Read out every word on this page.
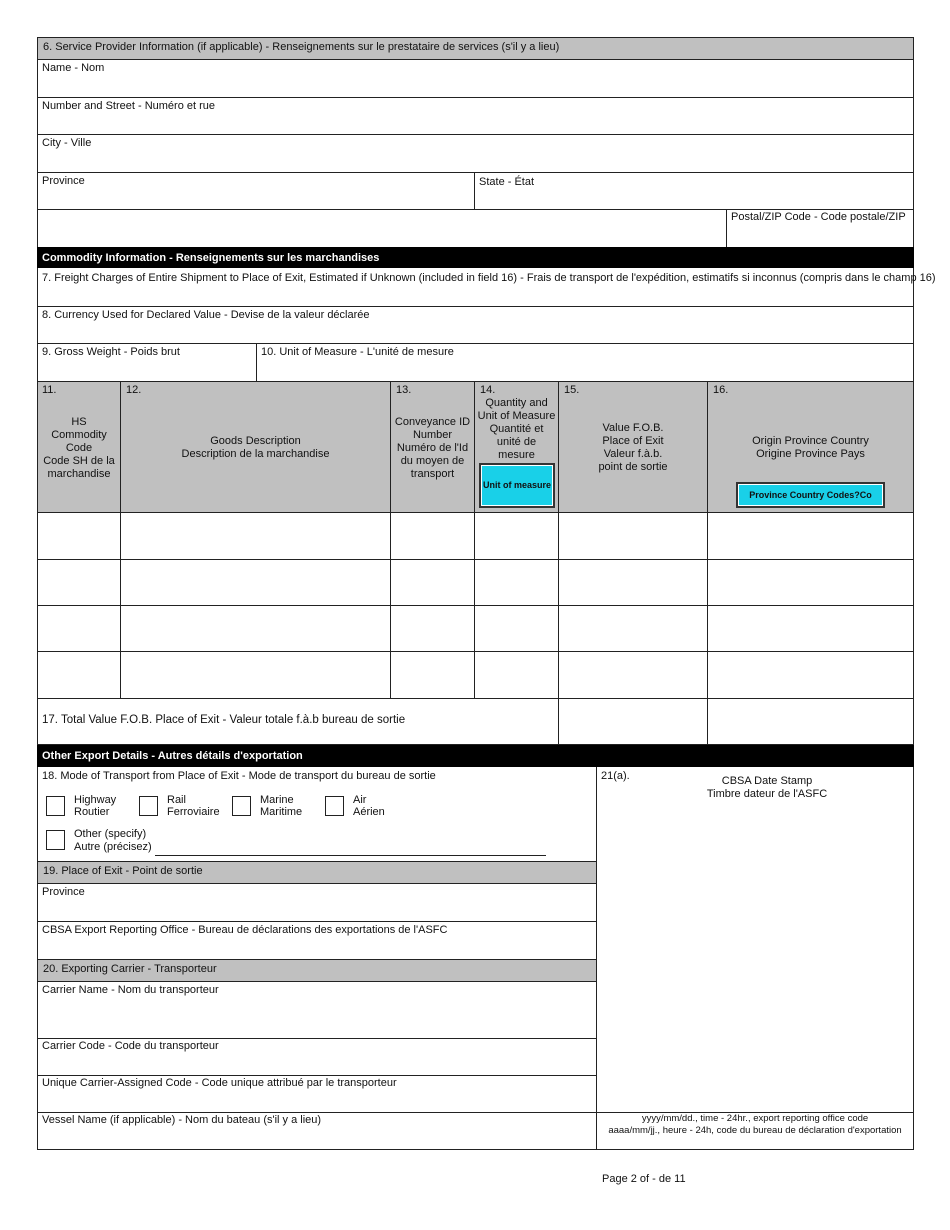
6. Service Provider Information (if applicable) - Renseignements sur le prestataire de services (s'il y a lieu)
Name - Nom
Number and Street - Numéro et rue
City - Ville
Province	State - État
Postal/ZIP Code - Code postale/ZIP
Commodity Information - Renseignements sur les marchandises
7. Freight Charges of Entire Shipment to Place of Exit, Estimated if Unknown (included in field 16) - Frais de transport de l'expédition, estimatifs si inconnus (compris dans le champ 16)
8. Currency Used for Declared Value - Devise de la valeur déclarée
9. Gross Weight - Poids brut	10. Unit of Measure - L'unité de mesure
11.
HS
Commodity
Code
Code SH de la
marchandise
12.
Goods Description
Description de la marchandise
13.
Conveyance ID
Number
Numéro de l'Id
du moyen de
transport
14.
Quantity and
Unit of Measure
Quantité et
unité de
mesure
Unit of measure
15.
Value F.O.B.
Place of Exit
Valeur f.à.b.
point de sortie
16.
Origin Province Country
Origine Province Pays
Province Country Codes?Co
17. Total Value F.O.B. Place of Exit - Valeur totale f.à.b bureau de sortie
Other Export Details - Autres détails d'exportation
18. Mode of Transport from Place of Exit - Mode de transport du bureau de sortie
Highway
Routier
Rail
Ferroviaire
Marine
Maritime
Air
Aérien
Other (specify)
Autre (précisez)
19. Place of Exit - Point de sortie
Province
CBSA Export Reporting Office - Bureau de déclarations des exportations de l'ASFC
20. Exporting Carrier - Transporteur
Carrier Name - Nom du transporteur
Carrier Code - Code du transporteur
Unique Carrier-Assigned Code - Code unique attribué par le transporteur
Vessel Name (if applicable) - Nom du bateau (s'il y a lieu)
21(a).	CBSA Date Stamp
Timbre dateur de l'ASFC
yyyy/mm/dd., time - 24hr., export reporting office code
aaaa/mm/jj., heure - 24h, code du bureau de déclaration d'exportation
Page 2 of - de 11
